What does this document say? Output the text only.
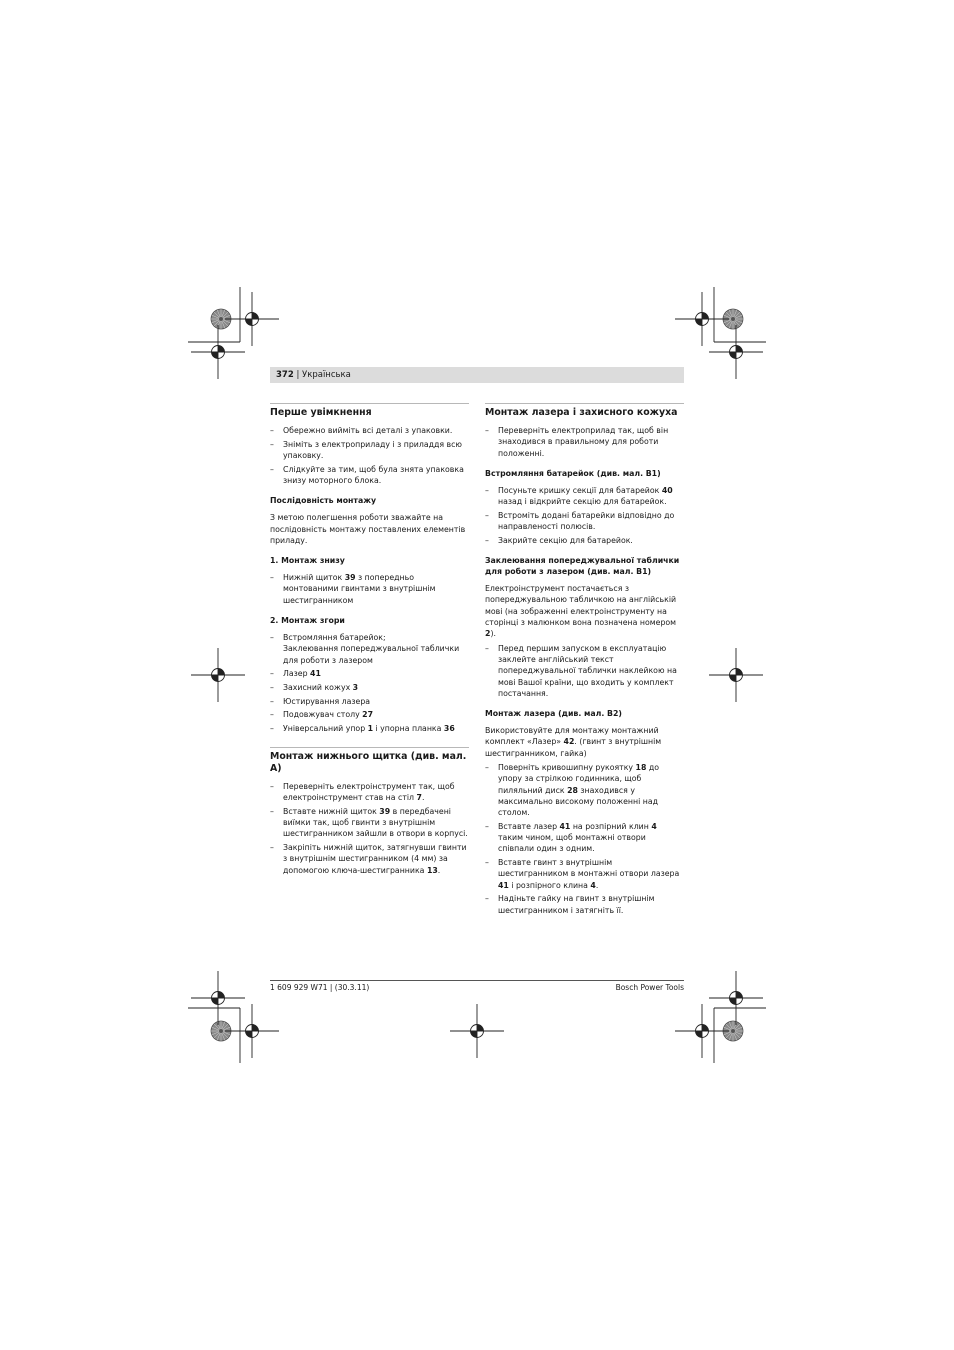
372 | Українська
Перше увімкнення
– Обережно вийміть всі деталі з упаковки.
– Зніміть з електроприладу і з приладдя всю упаковку.
– Слідкуйте за тим, щоб була знята упаковка знизу моторного блока.
Послідовність монтажу

З метою полегшення роботи зважайте на послідовність монтажу поставлених елементів приладу.

1. Монтаж знизу
– Нижній щиток 39 з попередньо монтованими гвинтами з внутрішнім шестигранником
2. Монтаж згори
– Встромляння батарейок;
Заклеювання попереджувальної таблички для роботи з лазером
– Лазер 41
– Захисний кожух 3
– Юстирування лазера
– Подовжувач столу 27
– Універсальний упор 1 і упорна планка 36
Монтаж нижнього щитка (див. мал. A)
– Переверніть електроінструмент так, щоб електроінструмент став на стіл 7.
– Вставте нижній щиток 39 в передбачені виїмки так, щоб гвинти з внутрішнім шестигранником зайшли в отвори в корпусі.
– Закріпіть нижній щиток, затягнувши гвинти з внутрішнім шестигранником (4 мм) за допомогою ключа-шестигранника 13.
Монтаж лазера і захисного кожуха
– Переверніть електроприлад так, щоб він знаходився в правильному для роботи положенні.
Встромляння батарейок (див. мал. B1)
– Посуньте кришку секції для батарейок 40 назад і відкрийте секцію для батарейок.
– Встроміть додані батарейки відповідно до направленості полюсів.
– Закрийте секцію для батарейок.
Заклеювання попереджувальної таблички для роботи з лазером (див. мал. B1)

Електроінструмент постачається з попереджувальною табличкою на англійській мові (на зображенні електроінструменту на сторінці з малюнком вона позначена номером 2).

– Перед першим запуском в експлуатацію заклейте англійський текст попереджувальної таблички наклейкою на мові Вашої країни, що входить у комплект постачання.
Монтаж лазера (див. мал. B2)

Використовуйте для монтажу монтажний комплект «Лазер» 42. (гвинт з внутрішнім шестигранником, гайка)

– Поверніть кривошипну рукоятку 18 до упору за стрілкою годинника, щоб пиляльний диск 28 знаходився у максимально високому положенні над столом.
– Вставте лазер 41 на розпірний клин 4 таким чином, щоб монтажні отвори співпали один з одним.
– Вставте гвинт з внутрішнім шестигранником в монтажні отвори лазера 41 і розпірного клина 4.
– Надіньте гайку на гвинт з внутрішнім шестигранником і затягніть її.
1 609 929 W71 | (30.3.11)	Bosch Power Tools
